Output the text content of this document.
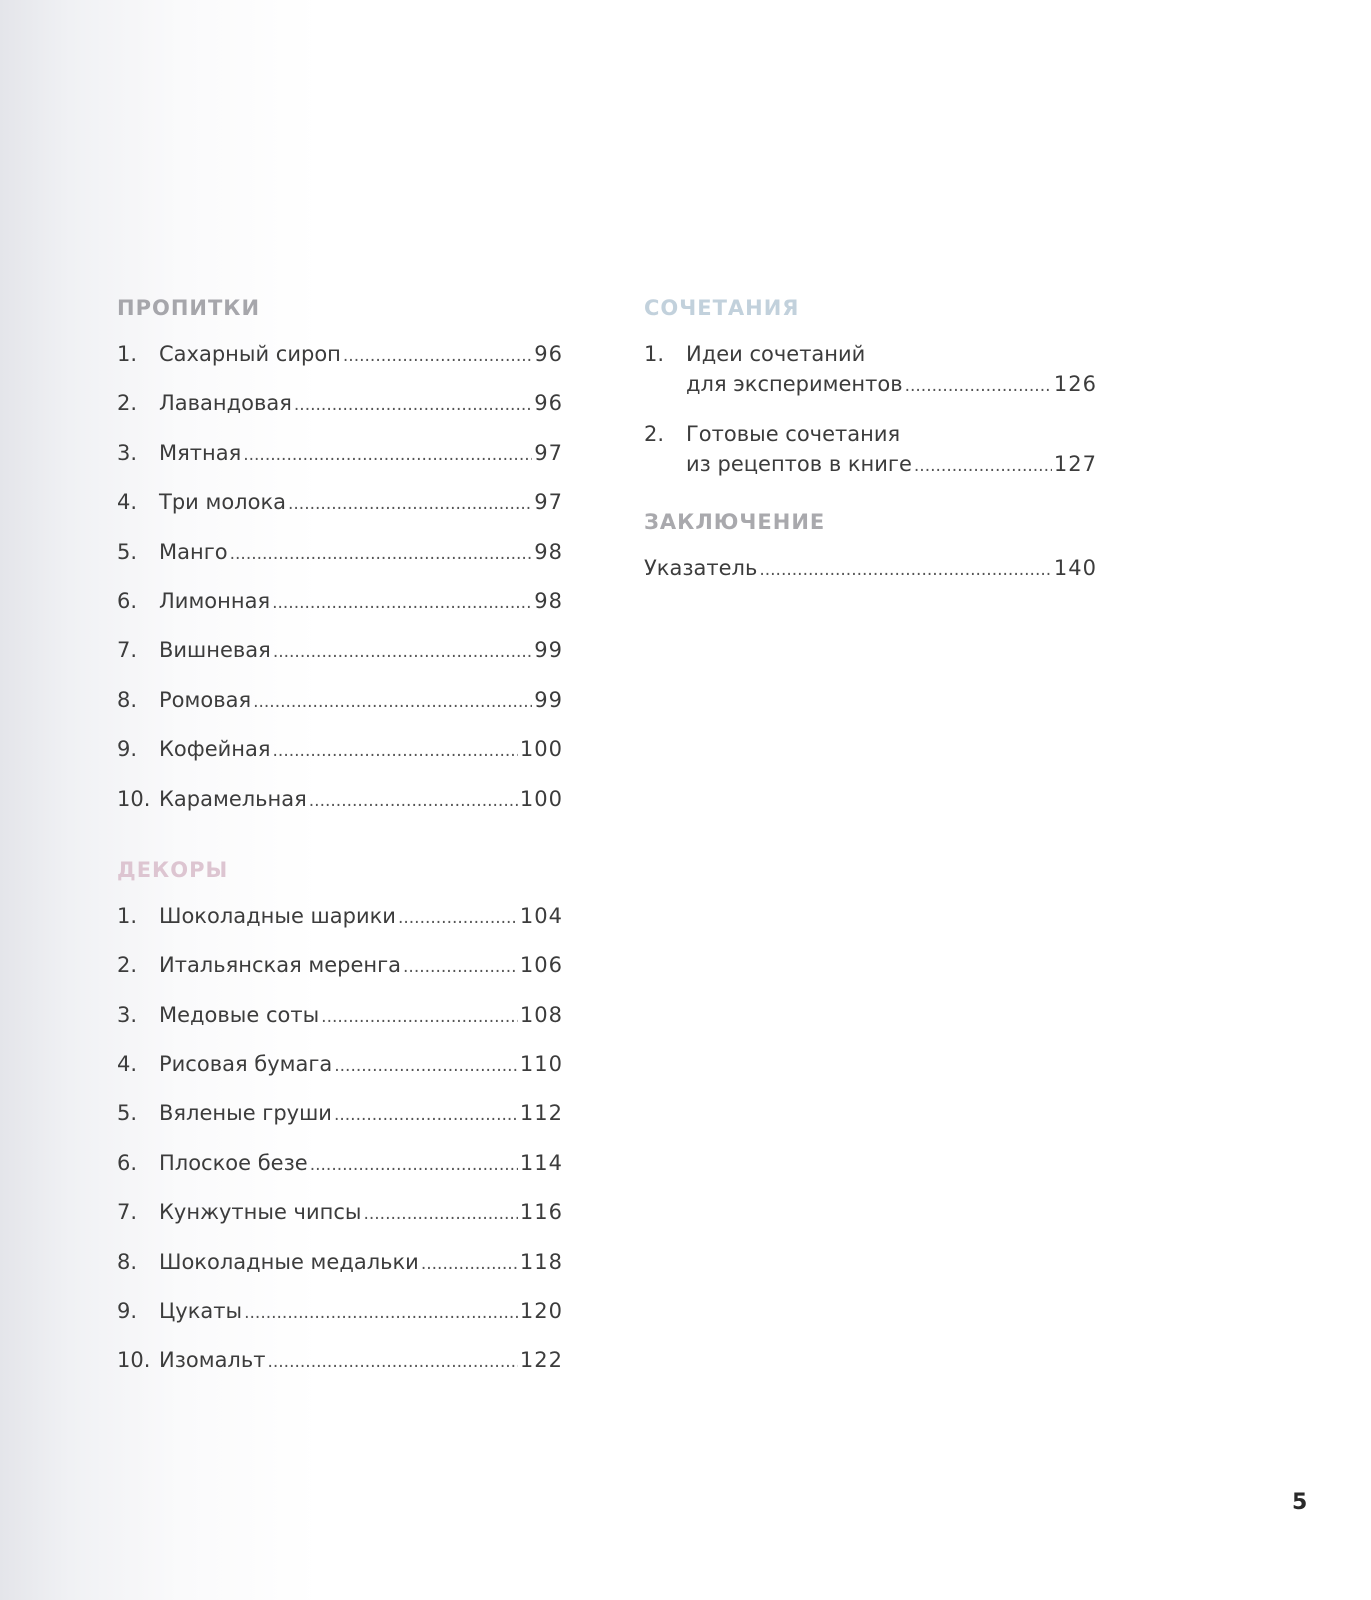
ПРОПИТКИ
1.	Сахарный сироп .....	96
2.	Лавандовая .....	96
3.	Мятная .....	97
4.	Три молока .....	97
5.	Манго .....	98
6.	Лимонная .....	98
7.	Вишневая .....	99
8.	Ромовая .....	99
9.	Кофейная .....	100
10. Карамельная .....	100
ДЕКОРЫ
1.	Шоколадные шарики .....	104
2.	Итальянская меренга .....	106
3.	Медовые соты .....	108
4.	Рисовая бумага .....	110
5.	Вяленые груши .....	112
6.	Плоское безе .....	114
7.	Кунжутные чипсы .....	116
8.	Шоколадные медальки .....	118
9.	Цукаты .....	120
10. Изомальт .....	122
СОЧЕТАНИЯ
1.	Идеи сочетаний
для экспериментов .....	126
2.	Готовые сочетания
из рецептов в книге .....	127
ЗАКЛЮЧЕНИЕ
Указатель .....	140
5
